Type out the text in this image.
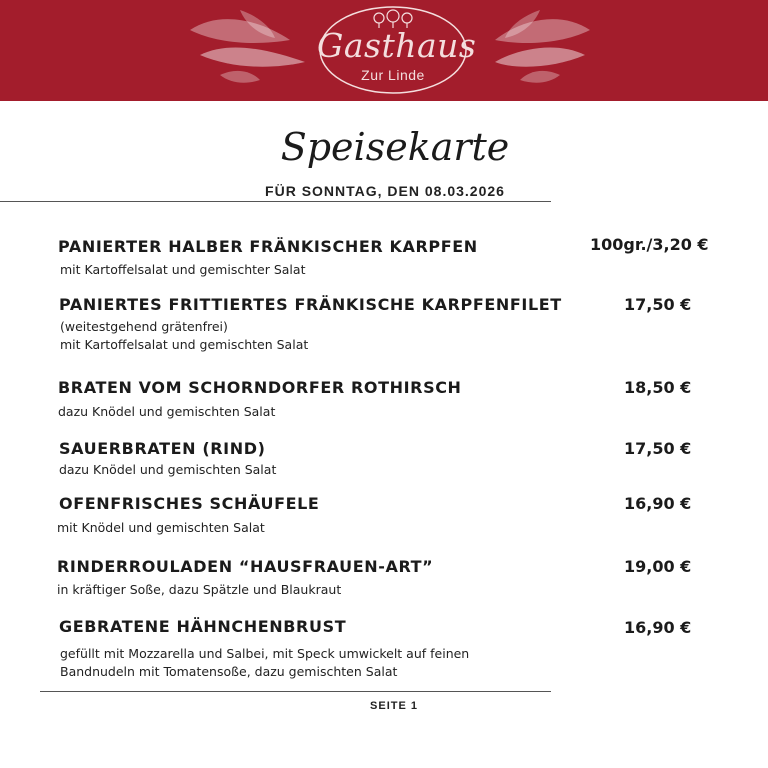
Gasthaus
Zur Linde
Speisekarte
FÜR SONNTAG, DEN 08.03.2026
PANIERTER HALBER FRÄNKISCHER KARPFEN
mit Kartoffelsalat und gemischter Salat
100gr./3,20 €
PANIERTES FRITTIERTES FRÄNKISCHE KARPFENFILET
(weitestgehend grätenfrei)
mit Kartoffelsalat und gemischten Salat
17,50 €
BRATEN VOM SCHORNDORFER ROTHIRSCH
dazu Knödel und gemischten Salat
18,50 €
SAUERBRATEN (RIND)
dazu Knödel und gemischten Salat
17,50 €
OFENFRISCHES SCHÄUFELE
mit Knödel und gemischten Salat
16,90 €
RINDERROULADEN “HAUSFRAUEN-ART”
in kräftiger Soße, dazu Spätzle und Blaukraut
19,00 €
GEBRATENE HÄHNCHENBRUST
gefüllt mit Mozzarella und Salbei, mit Speck umwickelt auf feinen
Bandnudeln mit Tomatensoße, dazu gemischten Salat
16,90 €
SEITE 1
